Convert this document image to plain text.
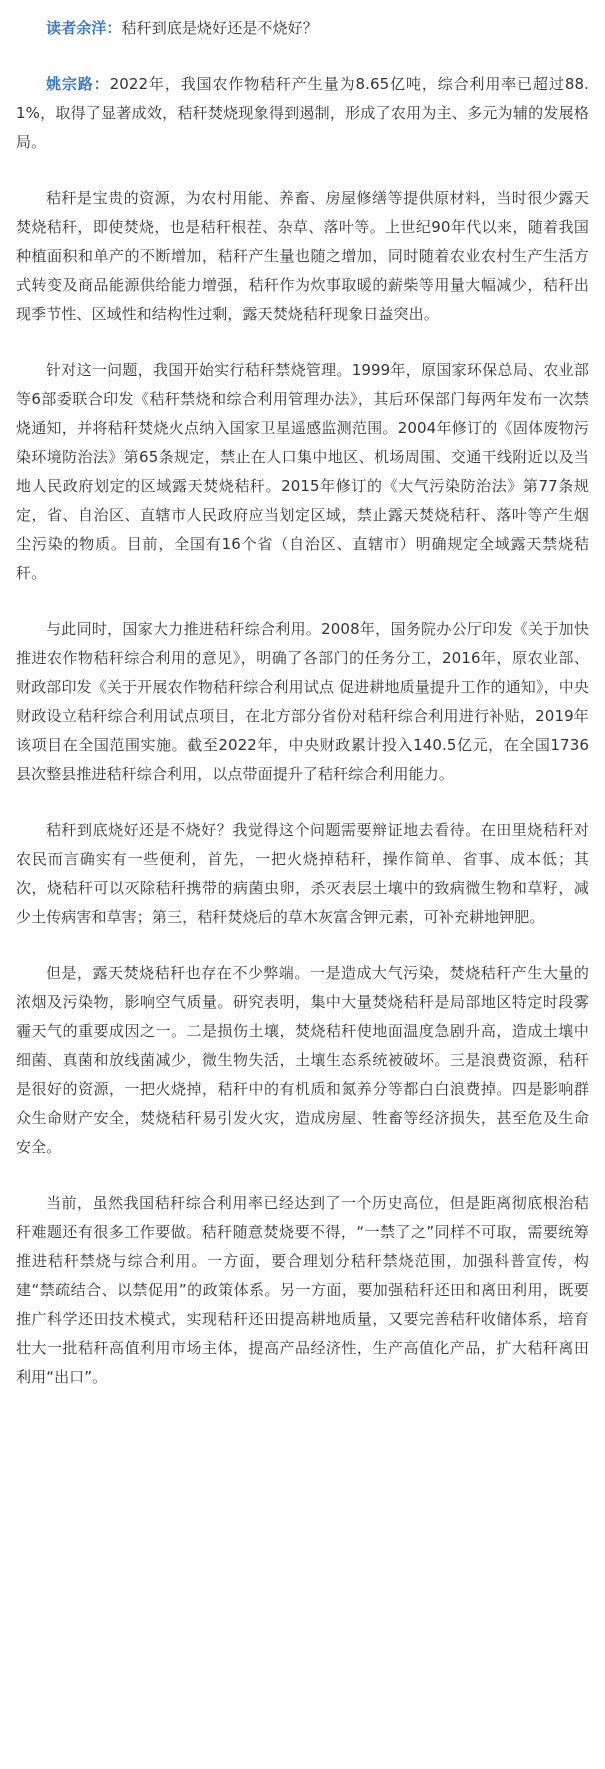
读者余洋：秸秆到底是烧好还是不烧好？

姚宗路：2022年，我国农作物秸秆产生量为8.65亿吨，综合利用率已超过88.1%，取得了显著成效，秸秆焚烧现象得到遏制，形成了农用为主、多元为辅的发展格局。

秸秆是宝贵的资源，为农村用能、养畜、房屋修缮等提供原材料，当时很少露天焚烧秸秆，即使焚烧，也是秸秆根茬、杂草、落叶等。上世纪90年代以来，随着我国种植面积和单产的不断增加，秸秆产生量也随之增加，同时随着农业农村生产生活方式转变及商品能源供给能力增强，秸秆作为炊事取暖的薪柴等用量大幅减少，秸秆出现季节性、区域性和结构性过剩，露天焚烧秸秆现象日益突出。

针对这一问题，我国开始实行秸秆禁烧管理。1999年，原国家环保总局、农业部等6部委联合印发《秸秆禁烧和综合利用管理办法》，其后环保部门每两年发布一次禁烧通知，并将秸秆焚烧火点纳入国家卫星遥感监测范围。2004年修订的《固体废物污染环境防治法》第65条规定，禁止在人口集中地区、机场周围、交通干线附近以及当地人民政府划定的区域露天焚烧秸秆。2015年修订的《大气污染防治法》第77条规定，省、自治区、直辖市人民政府应当划定区域，禁止露天焚烧秸秆、落叶等产生烟尘污染的物质。目前，全国有16个省（自治区、直辖市）明确规定全域露天禁烧秸秆。

与此同时，国家大力推进秸秆综合利用。2008年，国务院办公厅印发《关于加快推进农作物秸秆综合利用的意见》，明确了各部门的任务分工，2016年，原农业部、财政部印发《关于开展农作物秸秆综合利用试点 促进耕地质量提升工作的通知》，中央财政设立秸秆综合利用试点项目，在北方部分省份对秸秆综合利用进行补贴，2019年该项目在全国范围实施。截至2022年，中央财政累计投入140.5亿元，在全国1736县次整县推进秸秆综合利用，以点带面提升了秸秆综合利用能力。

秸秆到底烧好还是不烧好？我觉得这个问题需要辩证地去看待。在田里烧秸秆对农民而言确实有一些便利，首先，一把火烧掉秸秆，操作简单、省事、成本低；其次，烧秸秆可以灭除秸秆携带的病菌虫卵，杀灭表层土壤中的致病微生物和草籽，减少土传病害和草害；第三，秸秆焚烧后的草木灰富含钾元素，可补充耕地钾肥。

但是，露天焚烧秸秆也存在不少弊端。一是造成大气污染，焚烧秸秆产生大量的浓烟及污染物，影响空气质量。研究表明，集中大量焚烧秸秆是局部地区特定时段雾霾天气的重要成因之一。二是损伤土壤，焚烧秸秆使地面温度急剧升高，造成土壤中细菌、真菌和放线菌减少，微生物失活，土壤生态系统被破坏。三是浪费资源，秸秆是很好的资源，一把火烧掉，秸秆中的有机质和氮养分等都白白浪费掉。四是影响群众生命财产安全，焚烧秸秆易引发火灾，造成房屋、牲畜等经济损失，甚至危及生命安全。

当前，虽然我国秸秆综合利用率已经达到了一个历史高位，但是距离彻底根治秸秆难题还有很多工作要做。秸秆随意焚烧要不得，“一禁了之”同样不可取，需要统筹推进秸秆禁烧与综合利用。一方面，要合理划分秸秆禁烧范围，加强科普宣传，构建“禁疏结合、以禁促用”的政策体系。另一方面，要加强秸秆还田和离田利用，既要推广科学还田技术模式，实现秸秆还田提高耕地质量，又要完善秸秆收储体系，培育壮大一批秸秆高值利用市场主体，提高产品经济性，生产高值化产品，扩大秸秆离田利用“出口”。
